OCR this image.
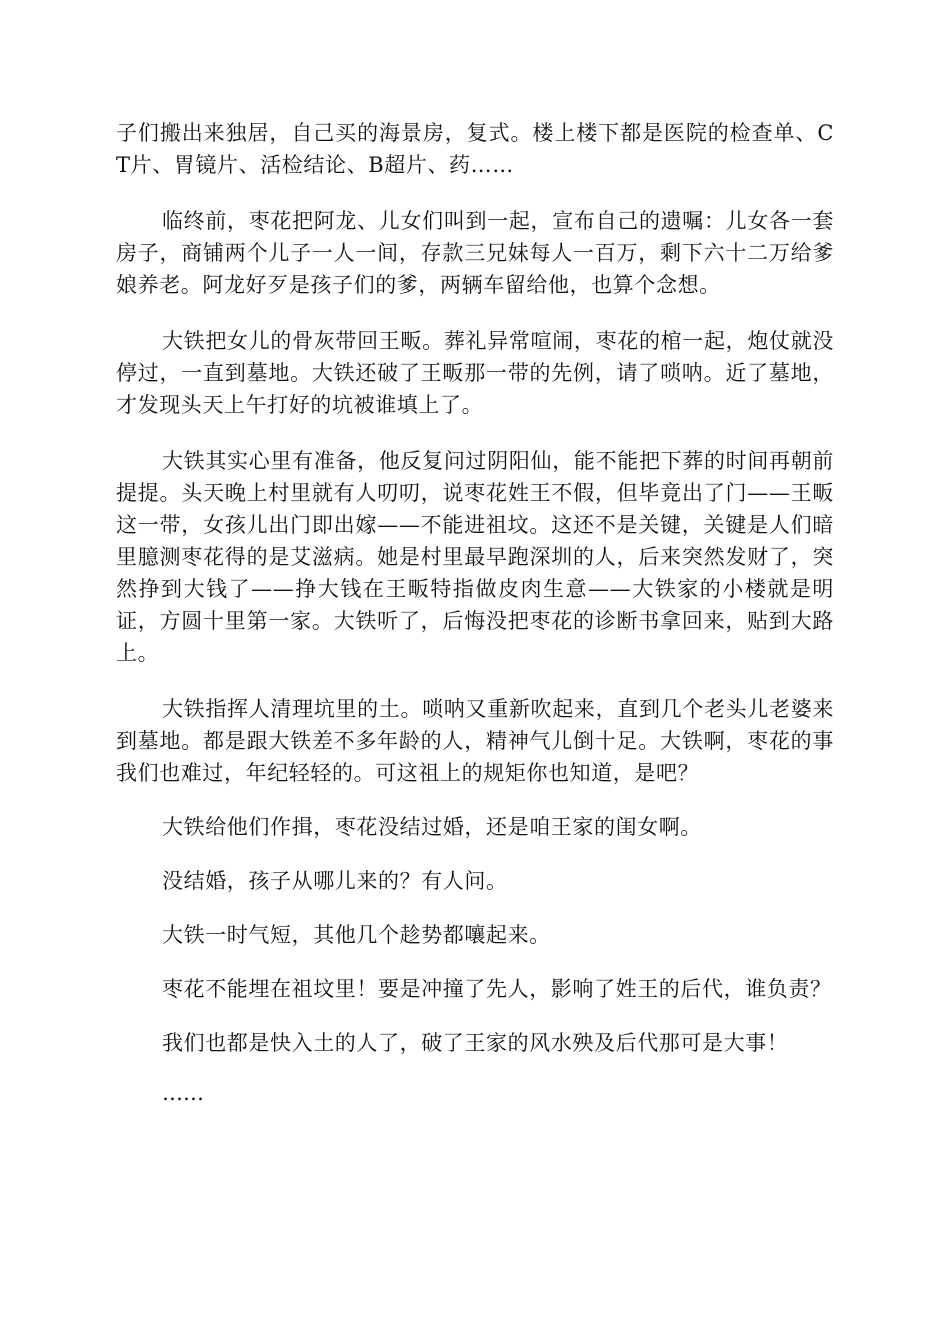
子们搬出来独居，自己买的海景房，复式。楼上楼下都是医院的检查单、CT片、胃镜片、活检结论、B超片、药……

临终前，枣花把阿龙、儿女们叫到一起，宣布自己的遗嘱：儿女各一套房子，商铺两个儿子一人一间，存款三兄妹每人一百万，剩下六十二万给爹娘养老。阿龙好歹是孩子们的爹，两辆车留给他，也算个念想。

大铁把女儿的骨灰带回王畈。葬礼异常喧闹，枣花的棺一起，炮仗就没停过，一直到墓地。大铁还破了王畈那一带的先例，请了唢呐。近了墓地，才发现头天上午打好的坑被谁填上了。

大铁其实心里有准备，他反复问过阴阳仙，能不能把下葬的时间再朝前提提。头天晚上村里就有人叨叨，说枣花姓王不假，但毕竟出了门——王畈这一带，女孩儿出门即出嫁——不能进祖坟。这还不是关键，关键是人们暗里臆测枣花得的是艾滋病。她是村里最早跑深圳的人，后来突然发财了，突然挣到大钱了——挣大钱在王畈特指做皮肉生意——大铁家的小楼就是明证，方圆十里第一家。大铁听了，后悔没把枣花的诊断书拿回来，贴到大路上。

大铁指挥人清理坑里的土。唢呐又重新吹起来，直到几个老头儿老婆来到墓地。都是跟大铁差不多年龄的人，精神气儿倒十足。大铁啊，枣花的事我们也难过，年纪轻轻的。可这祖上的规矩你也知道，是吧？

大铁给他们作揖，枣花没结过婚，还是咱王家的闺女啊。

没结婚，孩子从哪儿来的？有人问。

大铁一时气短，其他几个趁势都嚷起来。

枣花不能埋在祖坟里！要是冲撞了先人，影响了姓王的后代，谁负责？

我们也都是快入土的人了，破了王家的风水殃及后代那可是大事！

……
